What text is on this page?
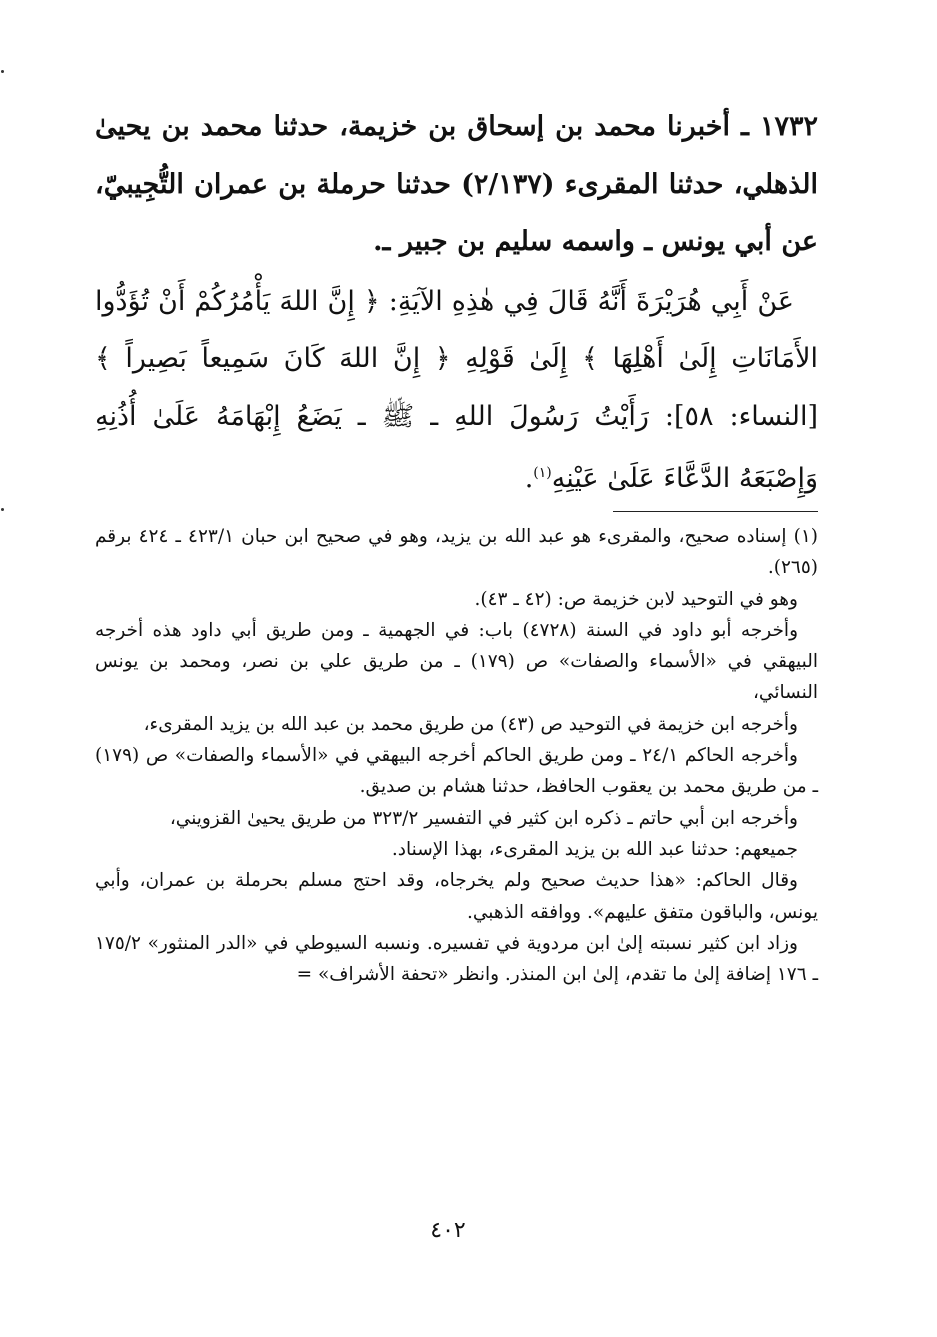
١٧٣٢ ـ أخبرنا محمد بن إسحاق بن خزيمة، حدثنا محمد بن يحيىٰ الذهلي، حدثنا المقرىء (٢/١٣٧) حدثنا حرملة بن عمران التُّجِيبيّ، عن أبي يونس ـ واسمه سليم بن جبير ـ.

عَنْ أَبِي هُرَيْرَةَ أَنَّهُ قَالَ فِي هٰذِهِ الآيَةِ: ﴿ إِنَّ اللهَ يَأْمُرُكُمْ أَنْ تُؤَدُّوا الأَمَانَاتِ إِلَىٰ أَهْلِهَا ﴾ إِلَىٰ قَوْلِهِ ﴿ إِنَّ اللهَ كَانَ سَمِيعاً بَصِيراً ﴾ [النساء: ٥٨]: رَأَيْتُ رَسُولَ اللهِ ـ ﷺ ـ يَضَعُ إِبْهَامَهُ عَلَىٰ أُذُنِهِ وَإِصْبَعَهُ الدَّعَّاءَ عَلَىٰ عَيْنِهِ$^{(١)}$.

(١) إسناده صحيح، والمقرىء هو عبد الله بن يزيد، وهو في صحيح ابن حبان ٤٢٣/١ ـ ٤٢٤ برقم (٢٦٥).

وهو في التوحيد لابن خزيمة ص: (٤٢ ـ ٤٣).

وأخرجه أبو داود في السنة (٤٧٢٨) باب: في الجهمية ـ ومن طريق أبي داود هذه أخرجه البيهقي في «الأسماء والصفات» ص (١٧٩) ـ من طريق علي بن نصر، ومحمد بن يونس النسائي،

وأخرجه ابن خزيمة في التوحيد ص (٤٣) من طريق محمد بن عبد الله بن يزيد المقرىء،

وأخرجه الحاكم ٢٤/١ ـ ومن طريق الحاكم أخرجه البيهقي في «الأسماء والصفات» ص (١٧٩) ـ من طريق محمد بن يعقوب الحافظ، حدثنا هشام بن صديق.

وأخرجه ابن أبي حاتم ـ ذكره ابن كثير في التفسير ٣٢٣/٢ من طريق يحيىٰ القزويني،

جميعهم: حدثنا عبد الله بن يزيد المقرىء، بهذا الإسناد.

وقال الحاكم: «هذا حديث صحيح ولم يخرجاه، وقد احتج مسلم بحرملة بن عمران، وأبي يونس، والباقون متفق عليهم». ووافقه الذهبي.

وزاد ابن كثير نسبته إلىٰ ابن مردوية في تفسيره. ونسبه السيوطي في «الدر المنثور» ١٧٥/٢ ـ ١٧٦ إضافة إلىٰ ما تقدم، إلىٰ ابن المنذر. وانظر «تحفة الأشراف» =

٤٠٢
